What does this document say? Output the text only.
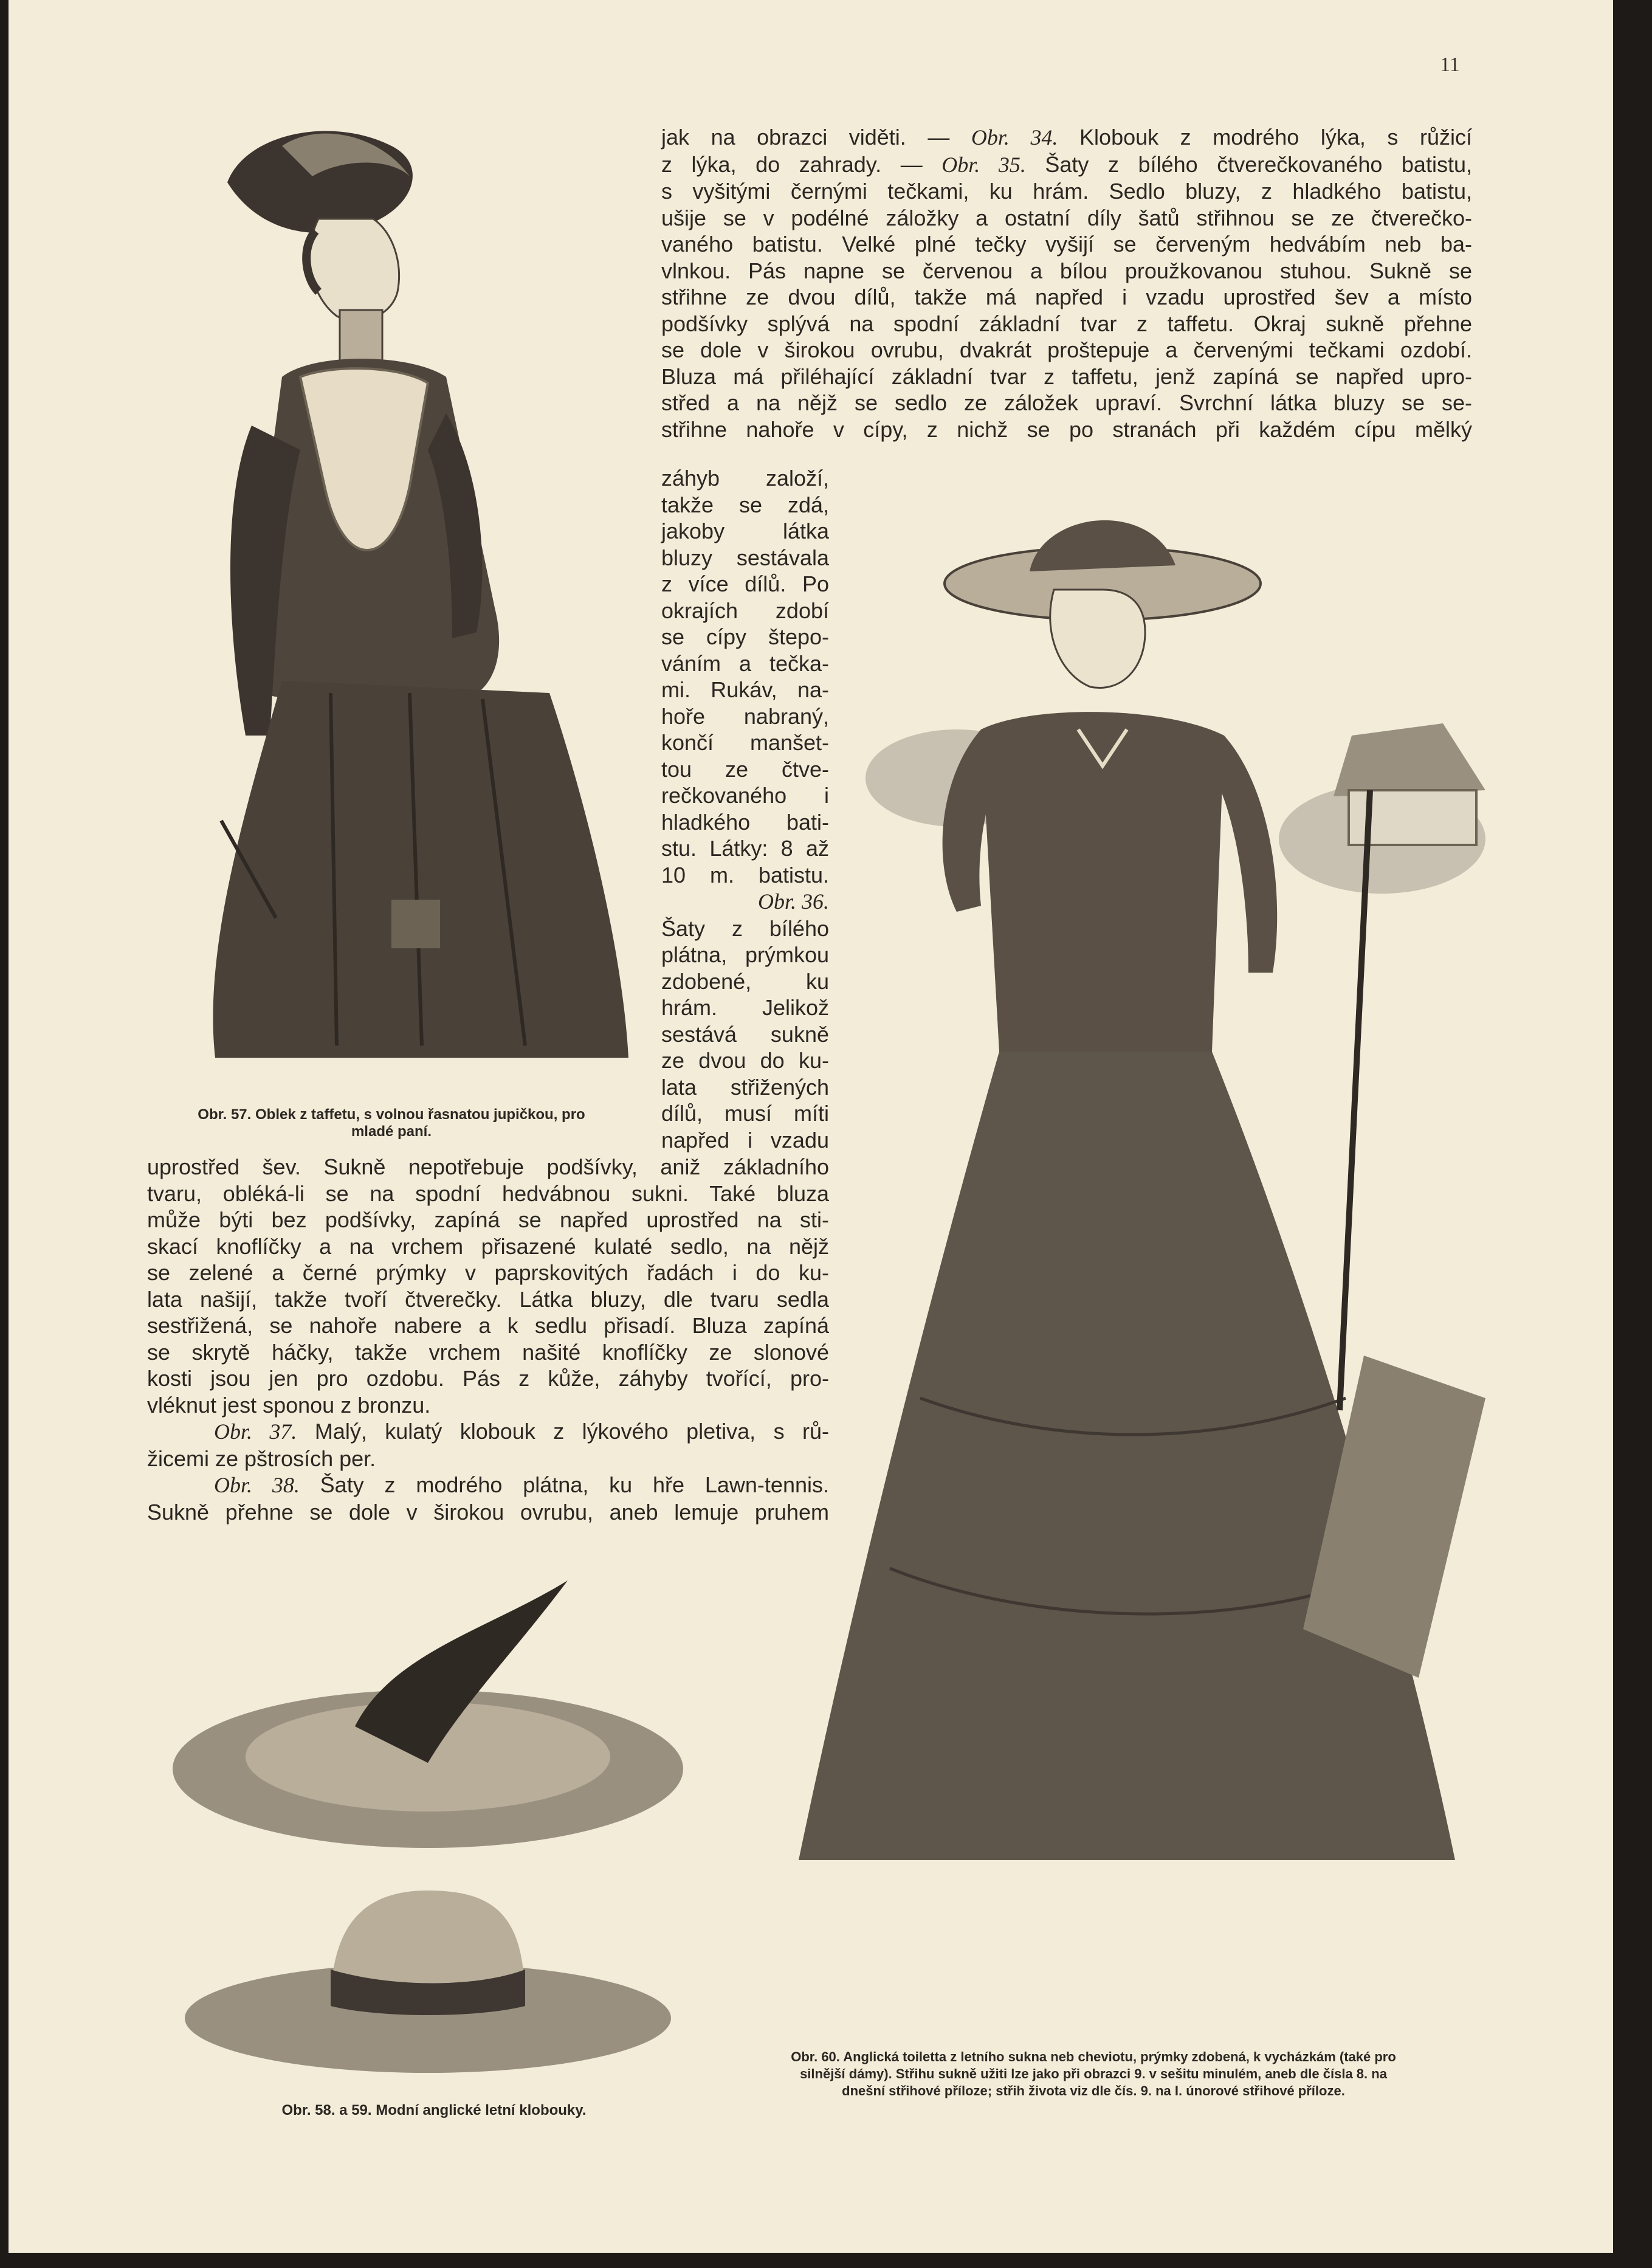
11
Obr. 57. Oblek z taffetu, s volnou řasnatou jupičkou, pro
mladé paní.

jak na obrazci viděti. — Obr. 34. Klobouk z modrého lýka, s růžicí

z lýka, do zahrady. — Obr. 35. Šaty z bílého čtverečkovaného batistu,

s vyšitými černými tečkami, ku hrám. Sedlo bluzy, z hladkého batistu,

ušije se v podélné záložky a ostatní díly šatů střihnou se ze čtverečko-

vaného batistu. Velké plné tečky vyšijí se červeným hedvábím neb ba-

vlnkou. Pás napne se červenou a bílou proužkovanou stuhou. Sukně se

střihne ze dvou dílů, takže má napřed i vzadu uprostřed šev a místo

podšívky splývá na spodní základní tvar z taffetu. Okraj sukně přehne

se dole v širokou ovrubu, dvakrát proštepuje a červenými tečkami ozdobí.

Bluza má přiléhající základní tvar z taffetu, jenž zapíná se napřed upro-

střed a na nějž se sedlo ze záložek upraví. Svrchní látka bluzy se se-

střihne nahoře v cípy, z nichž se po stranách při každém cípu mělký

záhyb založí,

takže se zdá,

jakoby látka

bluzy sestávala

z více dílů. Po

okrajích zdobí

se cípy štepo-

váním a tečka-

mi. Rukáv, na-

hoře nabraný,

končí manšet-

tou ze čtve-

rečkovaného i

hladkého bati-

stu. Látky: 8 až

10 m. batistu.

Obr. 36.

Šaty z bílého

plátna, prýmkou

zdobené, ku

hrám. Jelikož

sestává sukně

ze dvou do ku-

lata střižených

dílů, musí míti

napřed i vzadu

uprostřed šev. Sukně nepotřebuje podšívky, aniž základního

tvaru, obléká-li se na spodní hedvábnou sukni. Také bluza

může býti bez podšívky, zapíná se napřed uprostřed na sti-

skací knoflíčky a na vrchem přisazené kulaté sedlo, na nějž

se zelené a černé prýmky v paprskovitých řadách i do ku-

lata našijí, takže tvoří čtverečky. Látka bluzy, dle tvaru sedla

sestřižená, se nahoře nabere a k sedlu přisadí. Bluza zapíná

se skrytě háčky, takže vrchem našité knoflíčky ze slonové

kosti jsou jen pro ozdobu. Pás z kůže, záhyby tvořící, pro-

vléknut jest sponou z bronzu.

Obr. 37. Malý, kulatý klobouk z lýkového pletiva, s rů-

žicemi ze pštrosích per.

Obr. 38. Šaty z modrého plátna, ku hře Lawn-tennis.

Sukně přehne se dole v širokou ovrubu, aneb lemuje pruhem

Obr. 58. a 59. Modní anglické letní klobouky.
Obr. 60. Anglická toiletta z letního sukna neb cheviotu, prýmky zdobená, k vycházkám (také pro
silnější dámy). Střihu sukně užiti lze jako při obrazci 9. v sešitu minulém, aneb dle čísla 8. na
dnešní střihové příloze; střih života viz dle čís. 9. na I. únorové střihové příloze.
